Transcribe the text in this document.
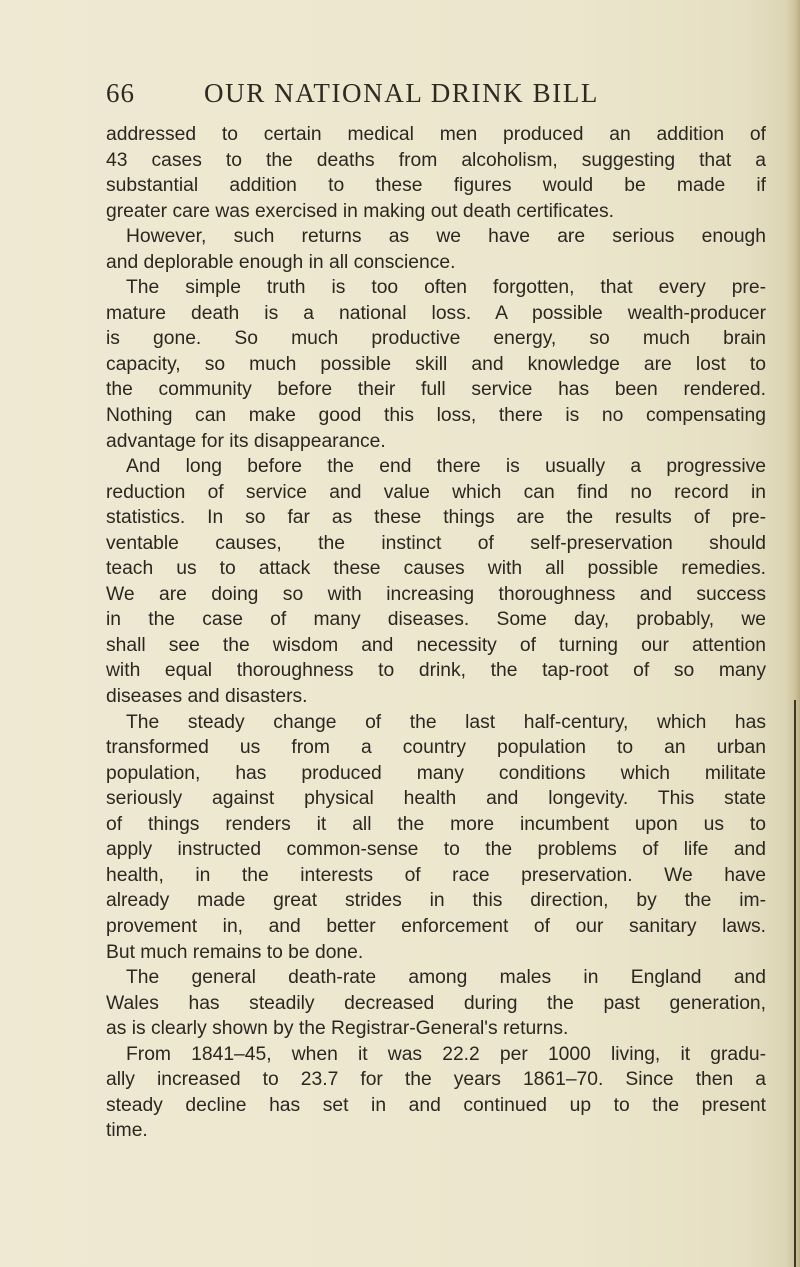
66	OUR NATIONAL DRINK BILL
addressed to certain medical men produced an addition of
43 cases to the deaths from alcoholism, suggesting that a
substantial addition to these figures would be made if
greater care was exercised in making out death certificates.
However, such returns as we have are serious enough
and deplorable enough in all conscience.
The simple truth is too often forgotten, that every pre-
mature death is a national loss. A possible wealth-producer
is gone. So much productive energy, so much brain
capacity, so much possible skill and knowledge are lost to
the community before their full service has been rendered.
Nothing can make good this loss, there is no compensating
advantage for its disappearance.
And long before the end there is usually a progressive
reduction of service and value which can find no record in
statistics. In so far as these things are the results of pre-
ventable causes, the instinct of self-preservation should
teach us to attack these causes with all possible remedies.
We are doing so with increasing thoroughness and success
in the case of many diseases. Some day, probably, we
shall see the wisdom and necessity of turning our attention
with equal thoroughness to drink, the tap-root of so many
diseases and disasters.
The steady change of the last half-century, which has
transformed us from a country population to an urban
population, has produced many conditions which militate
seriously against physical health and longevity. This state
of things renders it all the more incumbent upon us to
apply instructed common-sense to the problems of life and
health, in the interests of race preservation. We have
already made great strides in this direction, by the im-
provement in, and better enforcement of our sanitary laws.
But much remains to be done.
The general death-rate among males in England and
Wales has steadily decreased during the past generation,
as is clearly shown by the Registrar-General's returns.
From 1841–45, when it was 22.2 per 1000 living, it gradu-
ally increased to 23.7 for the years 1861–70. Since then a
steady decline has set in and continued up to the present
time.
